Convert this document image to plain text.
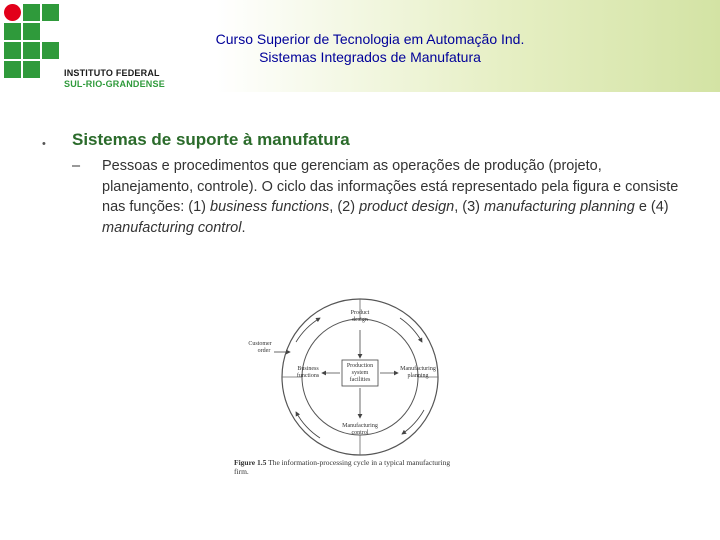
INSTITUTO FEDERAL
SUL-RIO-GRANDENSE
Curso Superior de Tecnologia em Automação Ind.
Sistemas Integrados de Manufatura
• Sistemas de suporte à manufatura
– Pessoas e procedimentos que gerenciam as operações de produção (projeto, planejamento, controle). O ciclo das informações está representado pela figura e consiste nas funções: (1) business functions, (2) product design, (3) manufacturing planning e (4) manufacturing control.
Product
design
Business
functions
Manufacturing
planning
Manufacturing
control
Production
system
facilities
Customer
order
Figure 1.5 The information-processing cycle in a typical manufacturing firm.
